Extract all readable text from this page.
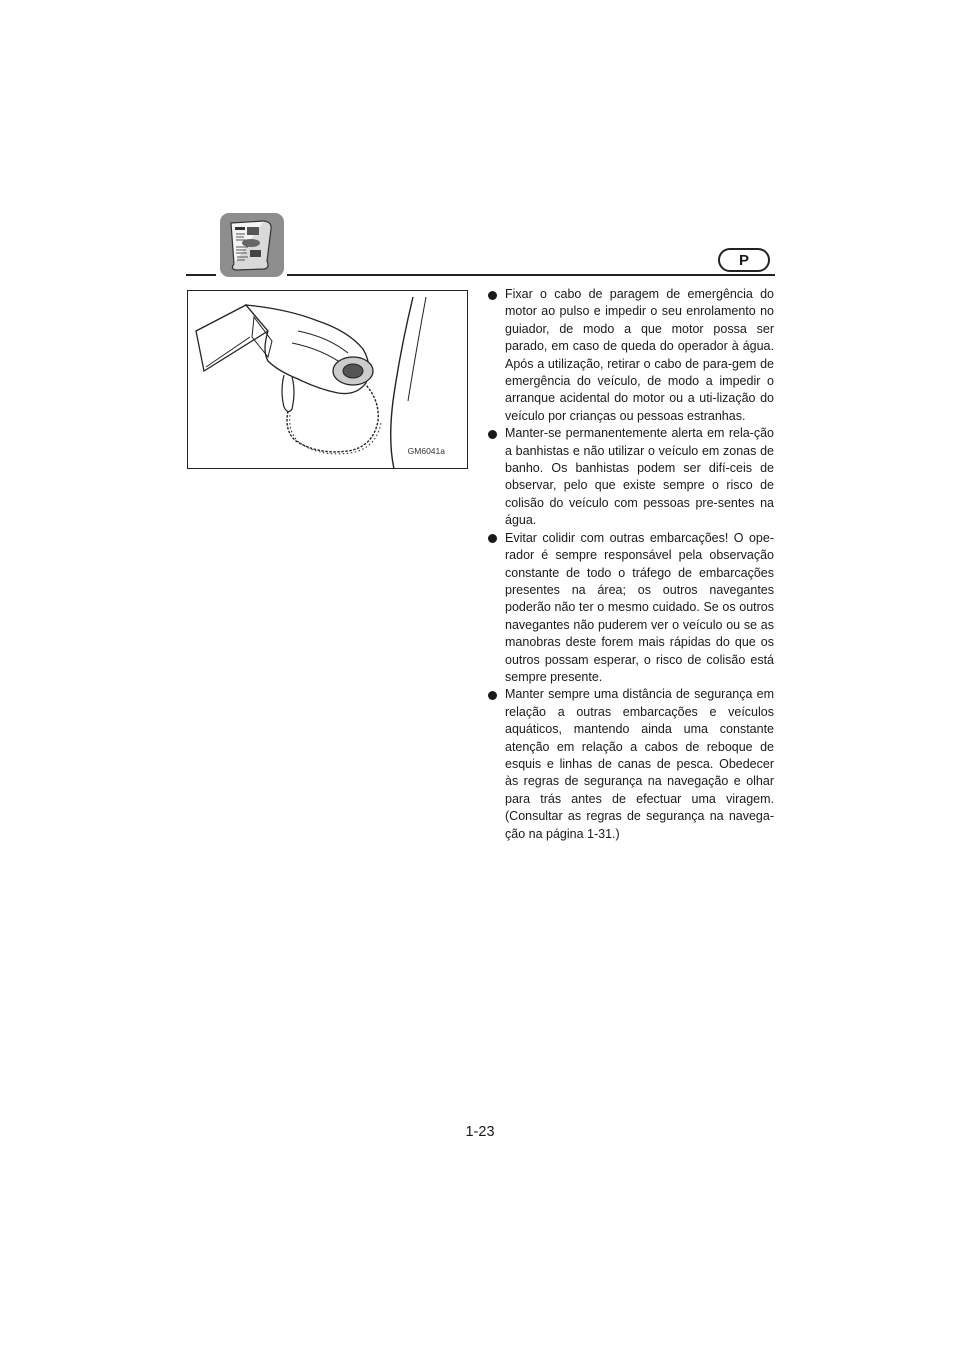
P
GM6041a
Fixar o cabo de paragem de emergência do motor ao pulso e impedir o seu enrolamento no guiador, de modo a que motor possa ser parado, em caso de queda do operador à água. Após a utilização, retirar o cabo de para-gem de emergência do veículo, de modo a impedir o arranque acidental do motor ou a uti-lização do veículo por crianças ou pessoas estranhas.
Manter-se permanentemente alerta em rela-ção a banhistas e não utilizar o veículo em zonas de banho. Os banhistas podem ser difí-ceis de observar, pelo que existe sempre o risco de colisão do veículo com pessoas pre-sentes na água.
Evitar colidir com outras embarcações! O ope-rador é sempre responsável pela observação constante de todo o tráfego de embarcações presentes na área; os outros navegantes poderão não ter o mesmo cuidado. Se os outros navegantes não puderem ver o veículo ou se as manobras deste forem mais rápidas do que os outros possam esperar, o risco de colisão está sempre presente.
Manter sempre uma distância de segurança em relação a outras embarcações e veículos aquáticos, mantendo ainda uma constante atenção em relação a cabos de reboque de esquis e linhas de canas de pesca. Obedecer às regras de segurança na navegação e olhar para trás antes de efectuar uma viragem. (Consultar as regras de segurança na navega-ção na página 1-31.)
1-23
